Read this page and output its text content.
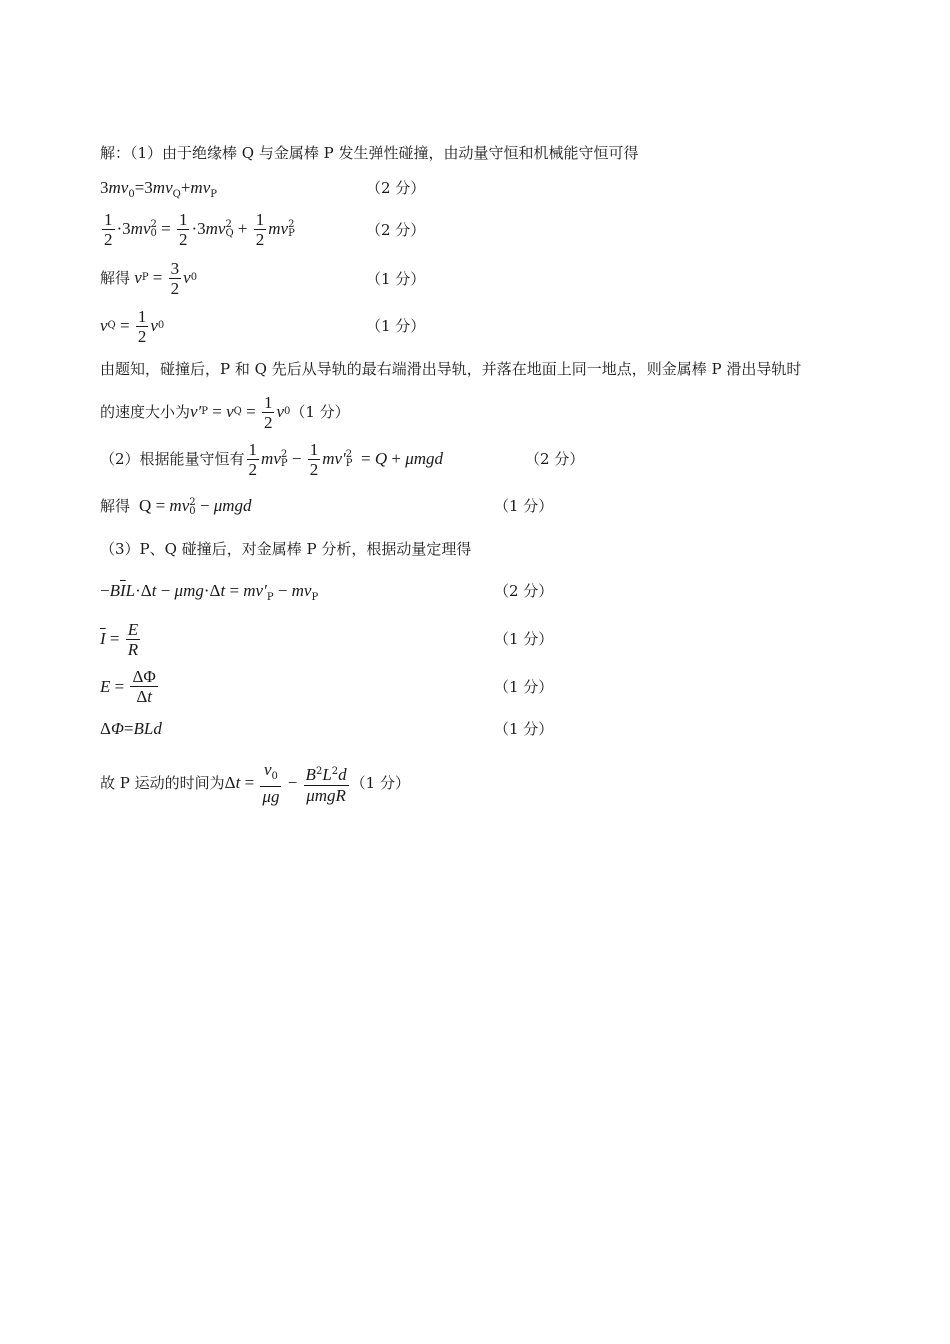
解：（1）由于绝缘棒 Q 与金属棒 P 发生弹性碰撞，由动量守恒和机械能守恒可得
$3mv_0=3mv_Q+mv_P$	（2 分）
$\frac{1}{2} \cdot 3$ mv 2
$0 = \frac{1}{2} \cdot 3$ mv 2
$Q + \frac{1}{2}$ mv 2
P	（2 分）
解得 v $P = \frac{3}{2}$ v 0	（1 分）
v $Q = \frac{1}{2}$ v 0	（1 分）
由题知，碰撞后，P 和 Q 先后从导轨的最右端滑出导轨，并落在地面上同一地点，则金属棒 P 滑出导轨时
的速度大小为 v′ P = v $Q = \frac{1}{2}$ v 0 （1 分）
（2）根据能量守恒有 $\frac{1}{2}$ mv 2
$P - \frac{1}{2} mv'$ 2
P = Q + μmgd	（2 分）
解得  Q = mv 2
0 − μmgd	（1 分）
（3）P、Q 碰撞后，对金属棒 P 分析，根据动量定理得
$-B\overline{I}L\cdot\Delta t - \mu mg\cdot\Delta t = mv'_P - mv_P$	（2 分）
$\overline{I} = \frac{E}{R}$	（1 分）
$E = \frac{\Delta\Phi}{\Delta t}$	（1 分）
ΔΦ=BLd	（1 分）
故 P 运动的时间为 Δ $t = \frac{v_0}{\mu g} - \frac{B^2L^2d}{\text{μmgR}} (1$ 分）
